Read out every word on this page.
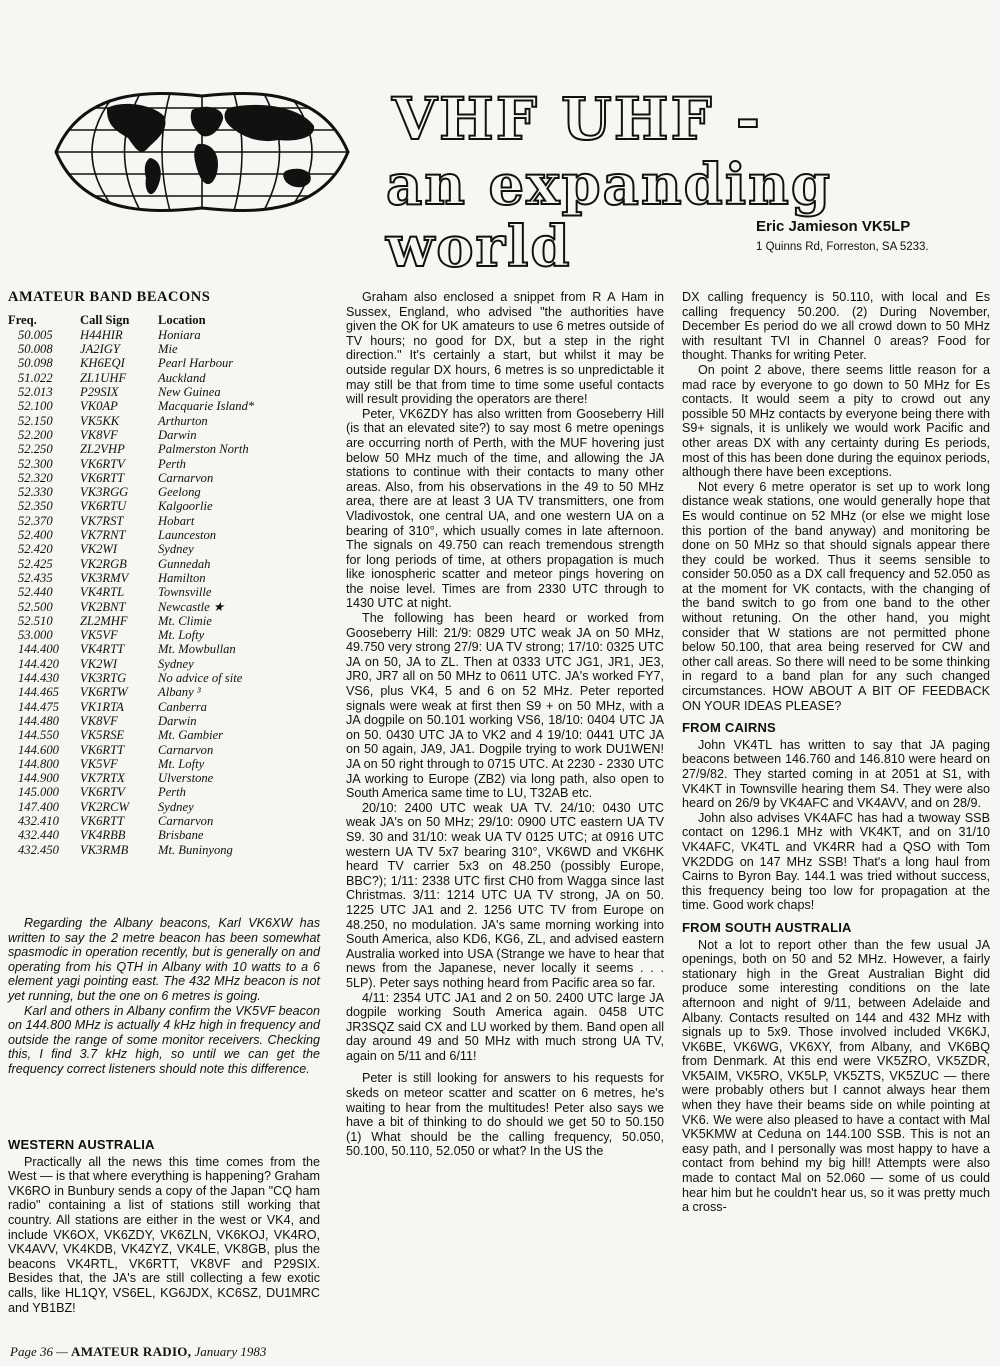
VHF UHF -
an expanding world	Eric Jamieson VK5LP
1 Quinns Rd, Forreston, SA 5233.
AMATEUR BAND BEACONS
Freq.	Call Sign	Location
50.005	H44HIR	Honiara
50.008	JA2IGY	Mie
50.098	KH6EQI	Pearl Harbour
51.022	ZL1UHF	Auckland
52.013	P29SIX	New Guinea
52.100	VK0AP	Macquarie Island*
52.150	VK5KK	Arthurton
52.200	VK8VF	Darwin
52.250	ZL2VHP	Palmerston North
52.300	VK6RTV	Perth
52.320	VK6RTT	Carnarvon
52.330	VK3RGG	Geelong
52.350	VK6RTU	Kalgoorlie
52.370	VK7RST	Hobart
52.400	VK7RNT	Launceston
52.420	VK2WI	Sydney
52.425	VK2RGB	Gunnedah
52.435	VK3RMV	Hamilton
52.440	VK4RTL	Townsville
52.500	VK2BNT	Newcastle ★
52.510	ZL2MHF	Mt. Climie
53.000	VK5VF	Mt. Lofty
144.400	VK4RTT	Mt. Mowbullan
144.420	VK2WI	Sydney
144.430	VK3RTG	No advice of site
144.465	VK6RTW	Albany ³
144.475	VK1RTA	Canberra
144.480	VK8VF	Darwin
144.550	VK5RSE	Mt. Gambier
144.600	VK6RTT	Carnarvon
144.800	VK5VF	Mt. Lofty
144.900	VK7RTX	Ulverstone
145.000	VK6RTV	Perth
147.400	VK2RCW	Sydney
432.410	VK6RTT	Carnarvon
432.440	VK4RBB	Brisbane
432.450	VK3RMB	Mt. Buninyong

Regarding the Albany beacons, Karl VK6XW has written to say the 2 metre beacon has been somewhat spasmodic in operation recently, but is generally on and operating from his QTH in Albany with 10 watts to a 6 element yagi pointing east. The 432 MHz beacon is not yet running, but the one on 6 metres is going.

Karl and others in Albany confirm the VK5VF beacon on 144.800 MHz is actually 4 kHz high in frequency and outside the range of some monitor receivers. Checking this, I find 3.7 kHz high, so until we can get the frequency correct listeners should note this difference.

WESTERN AUSTRALIA

Practically all the news this time comes from the West — is that where everything is happening? Graham VK6RO in Bunbury sends a copy of the Japan "CQ ham radio" containing a list of stations still working that country. All stations are either in the west or VK4, and include VK6OX, VK6ZDY, VK6ZLN, VK6KOJ, VK4RO, VK4AVV, VK4KDB, VK4ZYZ, VK4LE, VK8GB, plus the beacons VK4RTL, VK6RTT, VK8VF and P29SIX. Besides that, the JA's are still collecting a few exotic calls, like HL1QY, VS6EL, KG6JDX, KC6SZ, DU1MRC and YB1BZ!

Graham also enclosed a snippet from R A Ham in Sussex, England, who advised "the authorities have given the OK for UK amateurs to use 6 metres outside of TV hours; no good for DX, but a step in the right direction." It's certainly a start, but whilst it may be outside regular DX hours, 6 metres is so unpredictable it may still be that from time to time some useful contacts will result providing the operators are there!

Peter, VK6ZDY has also written from Gooseberry Hill (is that an elevated site?) to say most 6 metre openings are occurring north of Perth, with the MUF hovering just below 50 MHz much of the time, and allowing the JA stations to continue with their contacts to many other areas. Also, from his observations in the 49 to 50 MHz area, there are at least 3 UA TV transmitters, one from Vladivostok, one central UA, and one western UA on a bearing of 310°, which usually comes in late afternoon. The signals on 49.750 can reach tremendous strength for long periods of time, at others propagation is much like ionospheric scatter and meteor pings hovering on the noise level. Times are from 2330 UTC through to 1430 UTC at night.

The following has been heard or worked from Gooseberry Hill: 21/9: 0829 UTC weak JA on 50 MHz, 49.750 very strong 27/9: UA TV strong; 17/10: 0325 UTC JA on 50, JA to ZL. Then at 0333 UTC JG1, JR1, JE3, JR0, JR7 all on 50 MHz to 0611 UTC. JA's worked FY7, VS6, plus VK4, 5 and 6 on 52 MHz. Peter reported signals were weak at first then S9 + on 50 MHz, with a JA dogpile on 50.101 working VS6, 18/10: 0404 UTC JA on 50. 0430 UTC JA to VK2 and 4 19/10: 0441 UTC JA on 50 again, JA9, JA1. Dogpile trying to work DU1WEN! JA on 50 right through to 0715 UTC. At 2230 - 2330 UTC JA working to Europe (ZB2) via long path, also open to South America same time to LU, T32AB etc.

20/10: 2400 UTC weak UA TV. 24/10: 0430 UTC weak JA's on 50 MHz; 29/10: 0900 UTC eastern UA TV S9. 30 and 31/10: weak UA TV 0125 UTC; at 0916 UTC western UA TV 5x7 bearing 310°, VK6WD and VK6HK heard TV carrier 5x3 on 48.250 (possibly Europe, BBC?); 1/11: 2338 UTC first CH0 from Wagga since last Christmas. 3/11: 1214 UTC UA TV strong, JA on 50. 1225 UTC JA1 and 2. 1256 UTC TV from Europe on 48.250, no modulation. JA's same morning working into South America, also KD6, KG6, ZL, and advised eastern Australia worked into USA (Strange we have to hear that news from the Japanese, never locally it seems . . . 5LP). Peter says nothing heard from Pacific area so far.

4/11: 2354 UTC JA1 and 2 on 50. 2400 UTC large JA dogpile working South America again. 0458 UTC JR3SQZ said CX and LU worked by them. Band open all day around 49 and 50 MHz with much strong UA TV, again on 5/11 and 6/11!

Peter is still looking for answers to his requests for skeds on meteor scatter and scatter on 6 metres, he's waiting to hear from the multitudes! Peter also says we have a bit of thinking to do should we get 50 to 50.150 (1) What should be the calling frequency, 50.050, 50.100, 50.110, 52.050 or what? In the US the

DX calling frequency is 50.110, with local and Es calling frequency 50.200. (2) During November, December Es period do we all crowd down to 50 MHz with resultant TVI in Channel 0 areas? Food for thought. Thanks for writing Peter.

On point 2 above, there seems little reason for a mad race by everyone to go down to 50 MHz for Es contacts. It would seem a pity to crowd out any possible 50 MHz contacts by everyone being there with S9+ signals, it is unlikely we would work Pacific and other areas DX with any certainty during Es periods, most of this has been done during the equinox periods, although there have been exceptions.

Not every 6 metre operator is set up to work long distance weak stations, one would generally hope that Es would continue on 52 MHz (or else we might lose this portion of the band anyway) and monitoring be done on 50 MHz so that should signals appear there they could be worked. Thus it seems sensible to consider 50.050 as a DX call frequency and 52.050 as at the moment for VK contacts, with the changing of the band switch to go from one band to the other without retuning. On the other hand, you might consider that W stations are not permitted phone below 50.100, that area being reserved for CW and other call areas. So there will need to be some thinking in regard to a band plan for any such changed circumstances. HOW ABOUT A BIT OF FEEDBACK ON YOUR IDEAS PLEASE?

FROM CAIRNS

John VK4TL has written to say that JA paging beacons between 146.760 and 146.810 were heard on 27/9/82. They started coming in at 2051 at S1, with VK4KT in Townsville hearing them S4. They were also heard on 26/9 by VK4AFC and VK4AVV, and on 28/9.

John also advises VK4AFC has had a twoway SSB contact on 1296.1 MHz with VK4KT, and on 31/10 VK4AFC, VK4TL and VK4RR had a QSO with Tom VK2DDG on 147 MHz SSB! That's a long haul from Cairns to Byron Bay. 144.1 was tried without success, this frequency being too low for propagation at the time. Good work chaps!

FROM SOUTH AUSTRALIA

Not a lot to report other than the few usual JA openings, both on 50 and 52 MHz. However, a fairly stationary high in the Great Australian Bight did produce some interesting conditions on the late afternoon and night of 9/11, between Adelaide and Albany. Contacts resulted on 144 and 432 MHz with signals up to 5x9. Those involved included VK6KJ, VK6BE, VK6WG, VK6XY, from Albany, and VK6BQ from Denmark. At this end were VK5ZRO, VK5ZDR, VK5AIM, VK5RO, VK5LP, VK5ZTS, VK5ZUC — there were probably others but I cannot always hear them when they have their beams side on while pointing at VK6. We were also pleased to have a contact with Mal VK5KMW at Ceduna on 144.100 SSB. This is not an easy path, and I personally was most happy to have a contact from behind my big hill! Attempts were also made to contact Mal on 52.060 — some of us could hear him but he couldn't hear us, so it was pretty much a cross-

Page 36 — AMATEUR RADIO, January 1983
